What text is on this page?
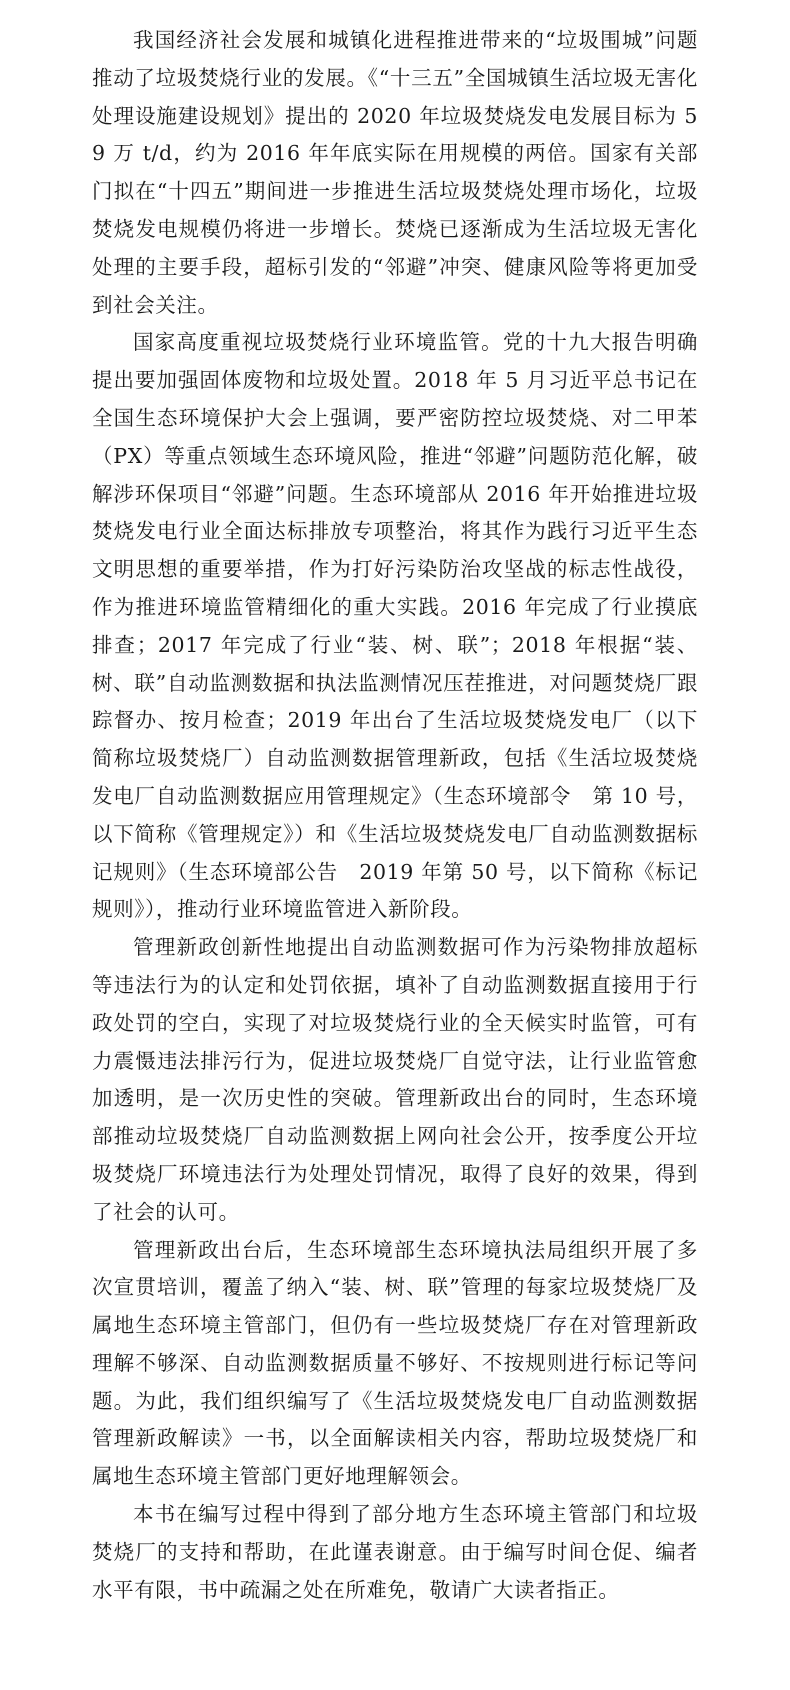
我国经济社会发展和城镇化进程推进带来的“垃圾围城”问题推动了垃圾焚烧行业的发展。《“十三五”全国城镇生活垃圾无害化处理设施建设规划》提出的 2020 年垃圾焚烧发电发展目标为 59 万 t/d，约为 2016 年年底实际在用规模的两倍。国家有关部门拟在“十四五”期间进一步推进生活垃圾焚烧处理市场化，垃圾焚烧发电规模仍将进一步增长。焚烧已逐渐成为生活垃圾无害化处理的主要手段，超标引发的“邻避”冲突、健康风险等将更加受到社会关注。

国家高度重视垃圾焚烧行业环境监管。党的十九大报告明确提出要加强固体废物和垃圾处置。2018 年 5 月习近平总书记在全国生态环境保护大会上强调，要严密防控垃圾焚烧、对二甲苯（PX）等重点领域生态环境风险，推进“邻避”问题防范化解，破解涉环保项目“邻避”问题。生态环境部从 2016 年开始推进垃圾焚烧发电行业全面达标排放专项整治，将其作为践行习近平生态文明思想的重要举措，作为打好污染防治攻坚战的标志性战役，作为推进环境监管精细化的重大实践。2016 年完成了行业摸底排查；2017 年完成了行业“装、树、联”；2018 年根据“装、树、联”自动监测数据和执法监测情况压茬推进，对问题焚烧厂跟踪督办、按月检查；2019 年出台了生活垃圾焚烧发电厂（以下简称垃圾焚烧厂）自动监测数据管理新政，包括《生活垃圾焚烧发电厂自动监测数据应用管理规定》（生态环境部令　第 10 号，以下简称《管理规定》）和《生活垃圾焚烧发电厂自动监测数据标记规则》（生态环境部公告　2019 年第 50 号，以下简称《标记规则》），推动行业环境监管进入新阶段。

管理新政创新性地提出自动监测数据可作为污染物排放超标等违法行为的认定和处罚依据，填补了自动监测数据直接用于行政处罚的空白，实现了对垃圾焚烧行业的全天候实时监管，可有力震慑违法排污行为，促进垃圾焚烧厂自觉守法，让行业监管愈加透明，是一次历史性的突破。管理新政出台的同时，生态环境部推动垃圾焚烧厂自动监测数据上网向社会公开，按季度公开垃圾焚烧厂环境违法行为处理处罚情况，取得了良好的效果，得到了社会的认可。

管理新政出台后，生态环境部生态环境执法局组织开展了多次宣贯培训，覆盖了纳入“装、树、联”管理的每家垃圾焚烧厂及属地生态环境主管部门，但仍有一些垃圾焚烧厂存在对管理新政理解不够深、自动监测数据质量不够好、不按规则进行标记等问题。为此，我们组织编写了《生活垃圾焚烧发电厂自动监测数据管理新政解读》一书，以全面解读相关内容，帮助垃圾焚烧厂和属地生态环境主管部门更好地理解领会。

本书在编写过程中得到了部分地方生态环境主管部门和垃圾焚烧厂的支持和帮助，在此谨表谢意。由于编写时间仓促、编者水平有限，书中疏漏之处在所难免，敬请广大读者指正。
